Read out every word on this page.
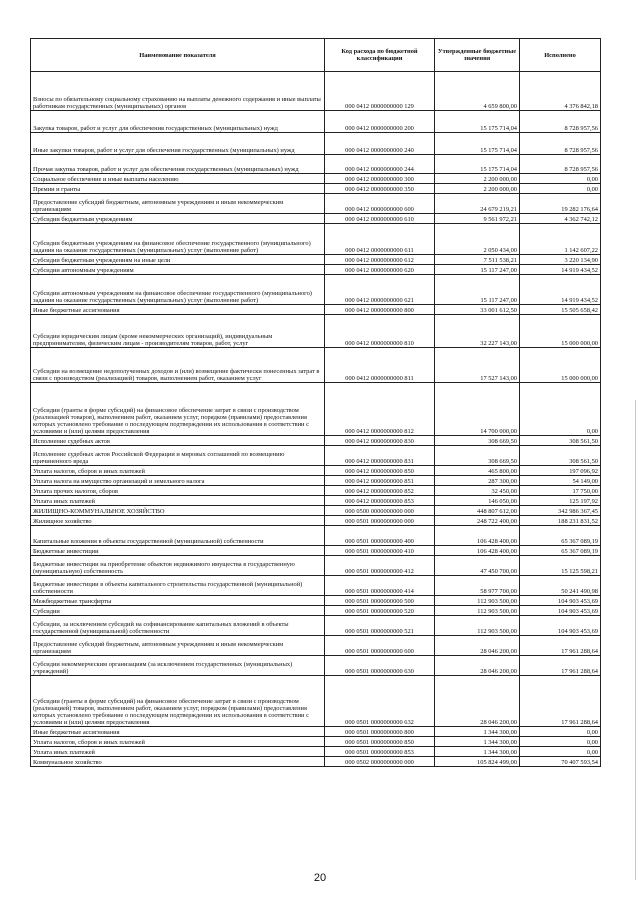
Наименование показателя	Код расхода по бюджетной классификации	Утвержденные бюджетные значения	Исполнено
Взносы по обязательному социальному страхованию на выплаты денежного содержания и иные выплаты работникам государственных (муниципальных) органов	000 0412 0000000000 129	4 659 800,00	4 376 842,18
Закупка товаров, работ и услуг для обеспечения государственных (муниципальных) нужд	000 0412 0000000000 200	15 175 714,04	8 728 957,56
Иные закупки товаров, работ и услуг для обеспечения государственных (муниципальных) нужд	000 0412 0000000000 240	15 175 714,04	8 728 957,56
Прочая закупка товаров, работ и услуг для обеспечения государственных (муниципальных) нужд	000 0412 0000000000 244	15 175 714,04	8 728 957,56
Социальное обеспечение и иные выплаты населению	000 0412 0000000000 300	2 200 000,00	0,00
Премии и гранты	000 0412 0000000000 350	2 200 000,00	0,00
Предоставление субсидий бюджетным, автономным учреждениям и иным некоммерческим организациям	000 0412 0000000000 600	24 679 219,21	19 282 176,64
Субсидии бюджетным учреждениям	000 0412 0000000000 610	9 561 972,21	4 362 742,12
Субсидии бюджетным учреждениям на финансовое обеспечение государственного (муниципального) задания на оказание государственных (муниципальных) услуг (выполнение работ)	000 0412 0000000000 611	2 050 434,00	1 142 607,22
Субсидии бюджетным учреждениям на иные цели	000 0412 0000000000 612	7 511 538,21	3 220 134,90
Субсидии автономным учреждениям	000 0412 0000000000 620	15 117 247,00	14 919 434,52
Субсидии автономным учреждениям на финансовое обеспечение государственного (муниципального) задания на оказание государственных (муниципальных) услуг (выполнение работ)	000 0412 0000000000 621	15 117 247,00	14 919 434,52
Иные бюджетные ассигнования	000 0412 0000000000 800	33 001 612,50	15 505 658,42
Субсидии юридическим лицам (кроме некоммерческих организаций), индивидуальным предпринимателям, физическим лицам - производителям товаров, работ, услуг	000 0412 0000000000 810	32 227 143,00	15 000 000,00
Субсидии на возмещение недополученных доходов и (или) возмещение фактически понесенных затрат в связи с производством (реализацией) товаров, выполнением работ, оказанием услуг	000 0412 0000000000 811	17 527 143,00	15 000 000,00
Субсидии (гранты в форме субсидий) на финансовое обеспечение затрат в связи с производством (реализацией товаров), выполнением работ, оказанием услуг, порядком (правилами) предоставления которых установлено требование о последующем подтверждении их использования в соответствии с условиями и (или) целями предоставления	000 0412 0000000000 812	14 700 000,00	0,00
Исполнение судебных актов	000 0412 0000000000 830	308 669,50	308 561,50
Исполнение судебных актов Российской Федерации и мировых соглашений по возмещению причиненного вреда	000 0412 0000000000 831	308 669,50	308 561,50
Уплата налогов, сборов и иных платежей	000 0412 0000000000 850	465 800,00	197 096,92
Уплата налога на имущество организаций и земельного налога	000 0412 0000000000 851	287 300,00	54 149,00
Уплата прочих налогов, сборов	000 0412 0000000000 852	32 450,00	17 750,00
Уплата иных платежей	000 0412 0000000000 853	146 050,00	125 197,92
ЖИЛИЩНО-КОММУНАЛЬНОЕ ХОЗЯЙСТВО	000 0500 0000000000 000	448 807 612,00	342 986 367,45
Жилищное хозяйство	000 0501 0000000000 000	248 722 400,00	188 231 831,52
Капитальные вложения в объекты государственной (муниципальной) собственности	000 0501 0000000000 400	106 428 400,00	65 367 089,19
Бюджетные инвестиции	000 0501 0000000000 410	106 428 400,00	65 367 089,19
Бюджетные инвестиции на приобретение объектов недвижимого имущества в государственную (муниципальную) собственность	000 0501 0000000000 412	47 450 700,00	15 125 598,21
Бюджетные инвестиции в объекты капитального строительства государственной (муниципальной) собственности	000 0501 0000000000 414	58 977 700,00	50 241 490,98
Межбюджетные трансферты	000 0501 0000000000 500	112 903 500,00	104 903 453,69
Субсидии	000 0501 0000000000 520	112 903 500,00	104 903 453,69
Субсидии, за исключением субсидий на софинансирование капитальных вложений в объекты государственной (муниципальной) собственности	000 0501 0000000000 521	112 903 500,00	104 903 453,69
Предоставление субсидий бюджетным, автономным учреждениям и иным некоммерческим организациям	000 0501 0000000000 600	28 046 200,00	17 961 288,64
Субсидии некоммерческим организациям (за исключением государственных (муниципальных) учреждений)	000 0501 0000000000 630	28 046 200,00	17 961 288,64
Субсидии (гранты в форме субсидий) на финансовое обеспечение затрат в связи с производством (реализацией) товаров, выполнением работ, оказанием услуг, порядком (правилами) предоставления которых установлено требование о последующем подтверждении их использования в соответствии с условиями и (или) целями предоставления	000 0501 0000000000 632	28 046 200,00	17 961 288,64
Иные бюджетные ассигнования	000 0501 0000000000 800	1 344 300,00	0,00
Уплата налогов, сборов и иных платежей	000 0501 0000000000 850	1 344 300,00	0,00
Уплата иных платежей	000 0501 0000000000 853	1 344 300,00	0,00
Коммунальное хозяйство	000 0502 0000000000 000	105 824 499,00	70 407 593,54
20
